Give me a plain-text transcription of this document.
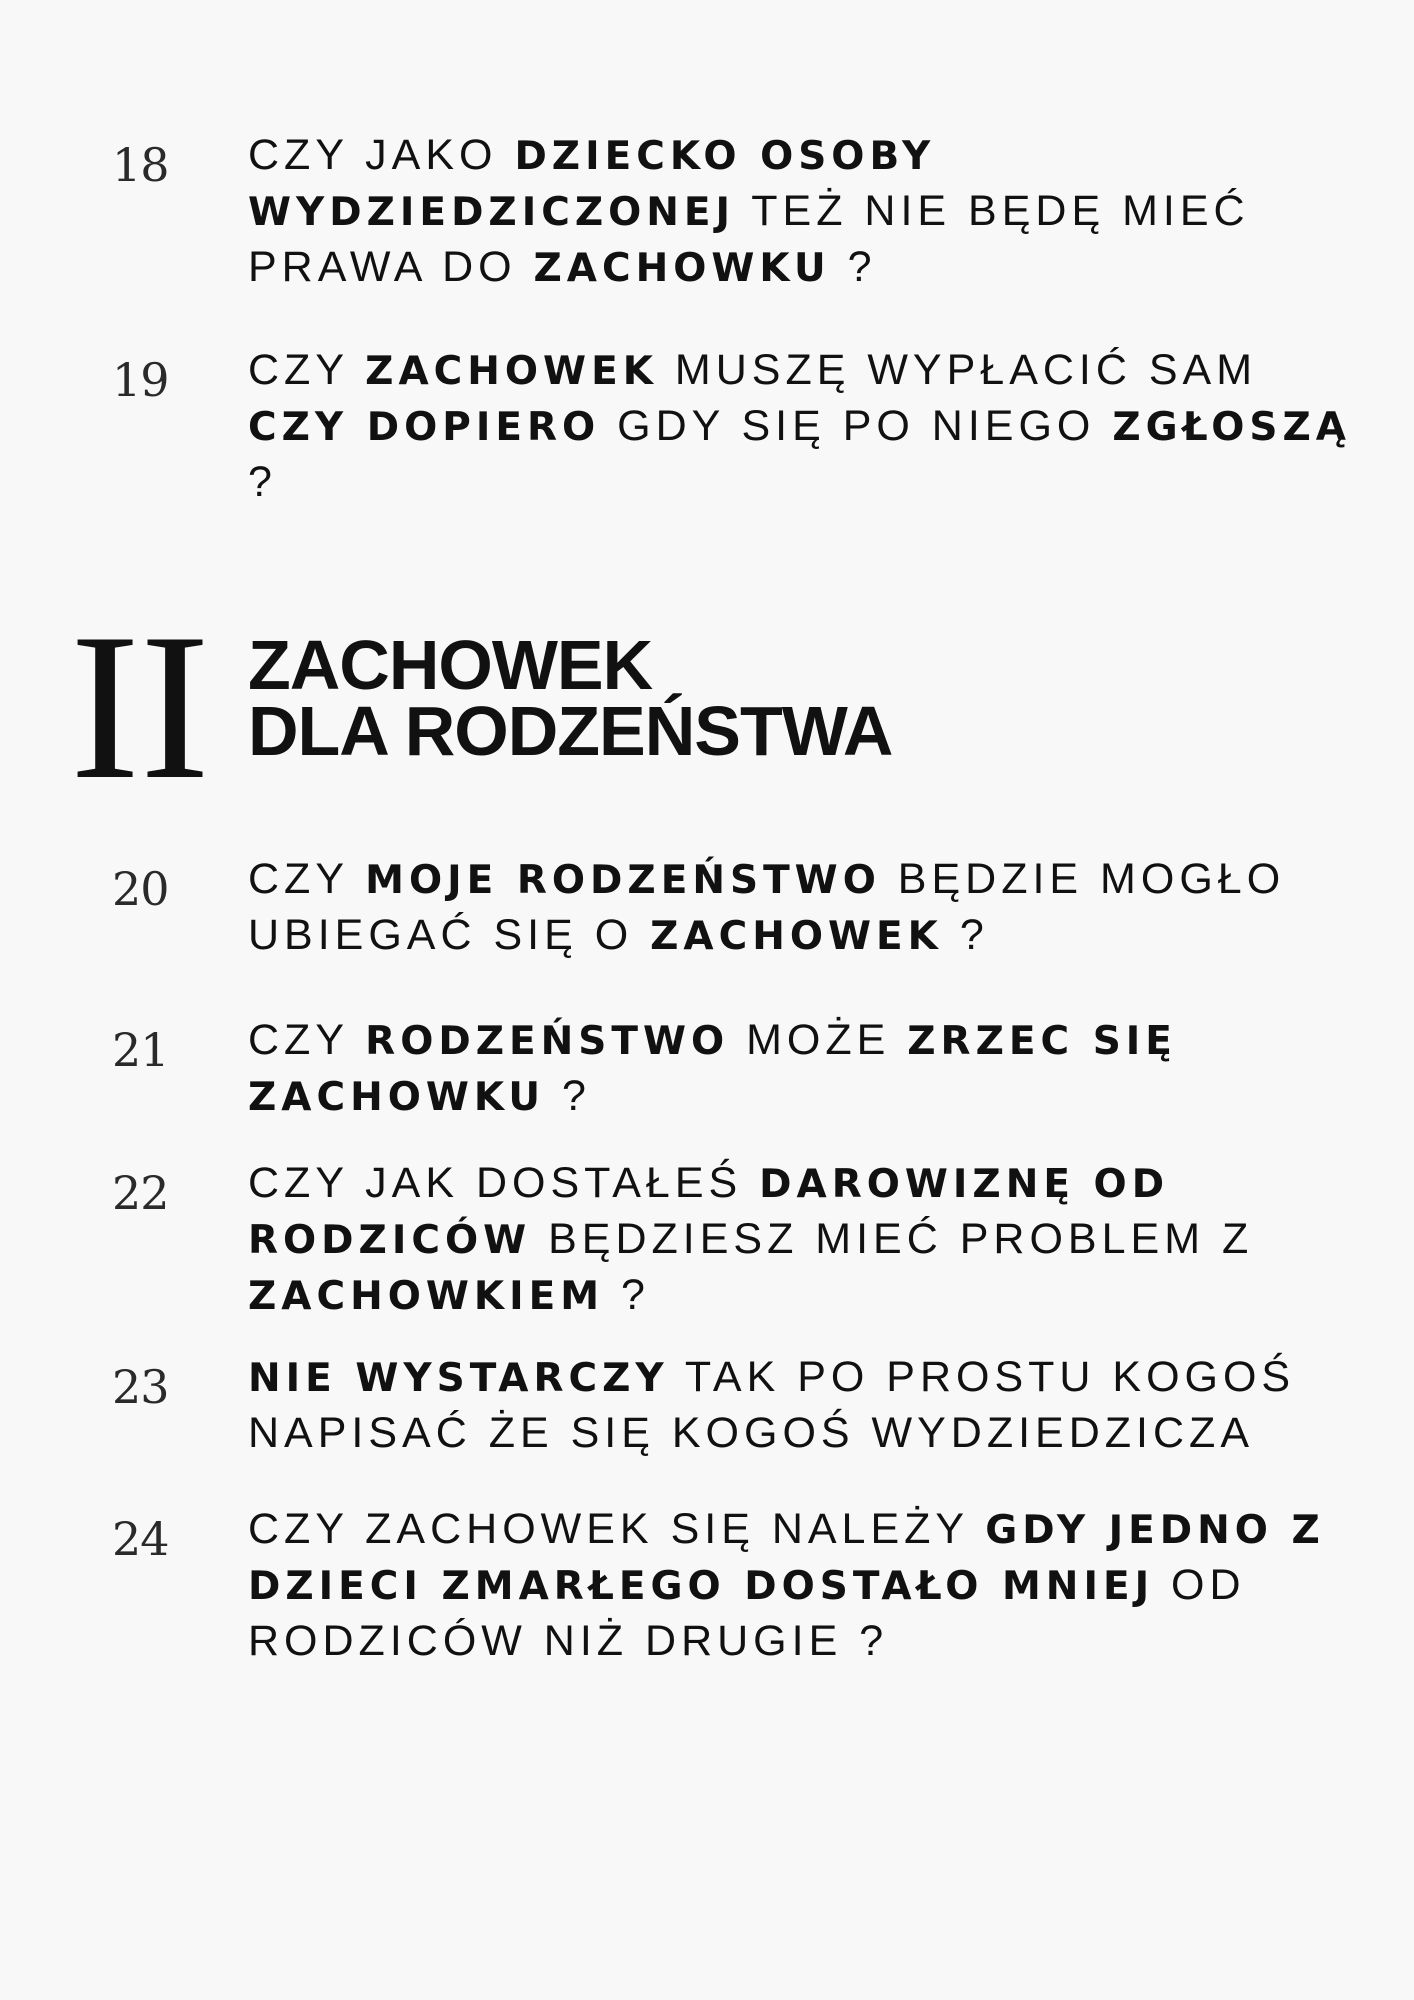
18 CZY JAKO DZIECKO OSOBY WYDZIEDZICZONEJ TEŻ NIE BĘDĘ MIEĆ PRAWA DO ZACHOWKU ?
19 CZY ZACHOWEK MUSZĘ WYPŁACIĆ SAM CZY DOPIERO GDY SIĘ PO NIEGO ZGŁOSZĄ ?
II ZACHOWEK
DLA RODZEŃSTWA
20 CZY MOJE RODZEŃSTWO BĘDZIE MOGŁO UBIEGAĆ SIĘ O ZACHOWEK ?
21 CZY RODZEŃSTWO MOŻE ZRZEC SIĘ ZACHOWKU ?
22 CZY JAK DOSTAŁEŚ DAROWIZNĘ OD RODZICÓW BĘDZIESZ MIEĆ PROBLEM Z ZACHOWKIEM ?
23 NIE WYSTARCZY TAK PO PROSTU KOGOŚ NAPISAĆ ŻE SIĘ KOGOŚ WYDZIEDZICZA
24 CZY ZACHOWEK SIĘ NALEŻY GDY JEDNO Z DZIECI ZMARŁEGO DOSTAŁO MNIEJ OD RODZICÓW NIŻ DRUGIE ?
